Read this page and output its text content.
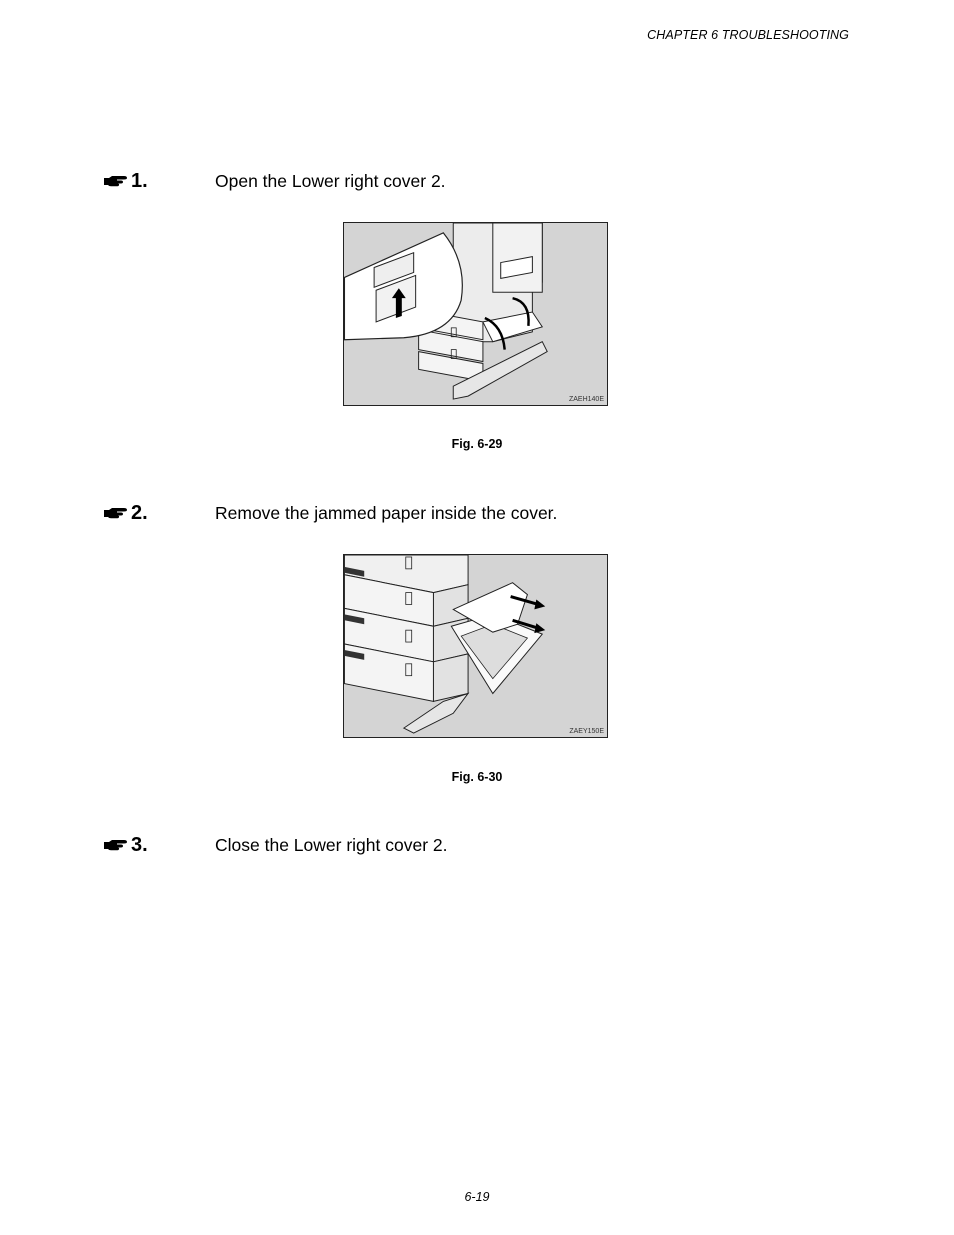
CHAPTER 6 TROUBLESHOOTING
1.	Open the Lower right cover 2.
ZAEH140E
Fig. 6-29
2.	Remove the jammed paper inside the cover.
ZAEY150E
Fig. 6-30
3.	Close the Lower right cover 2.
6-19
